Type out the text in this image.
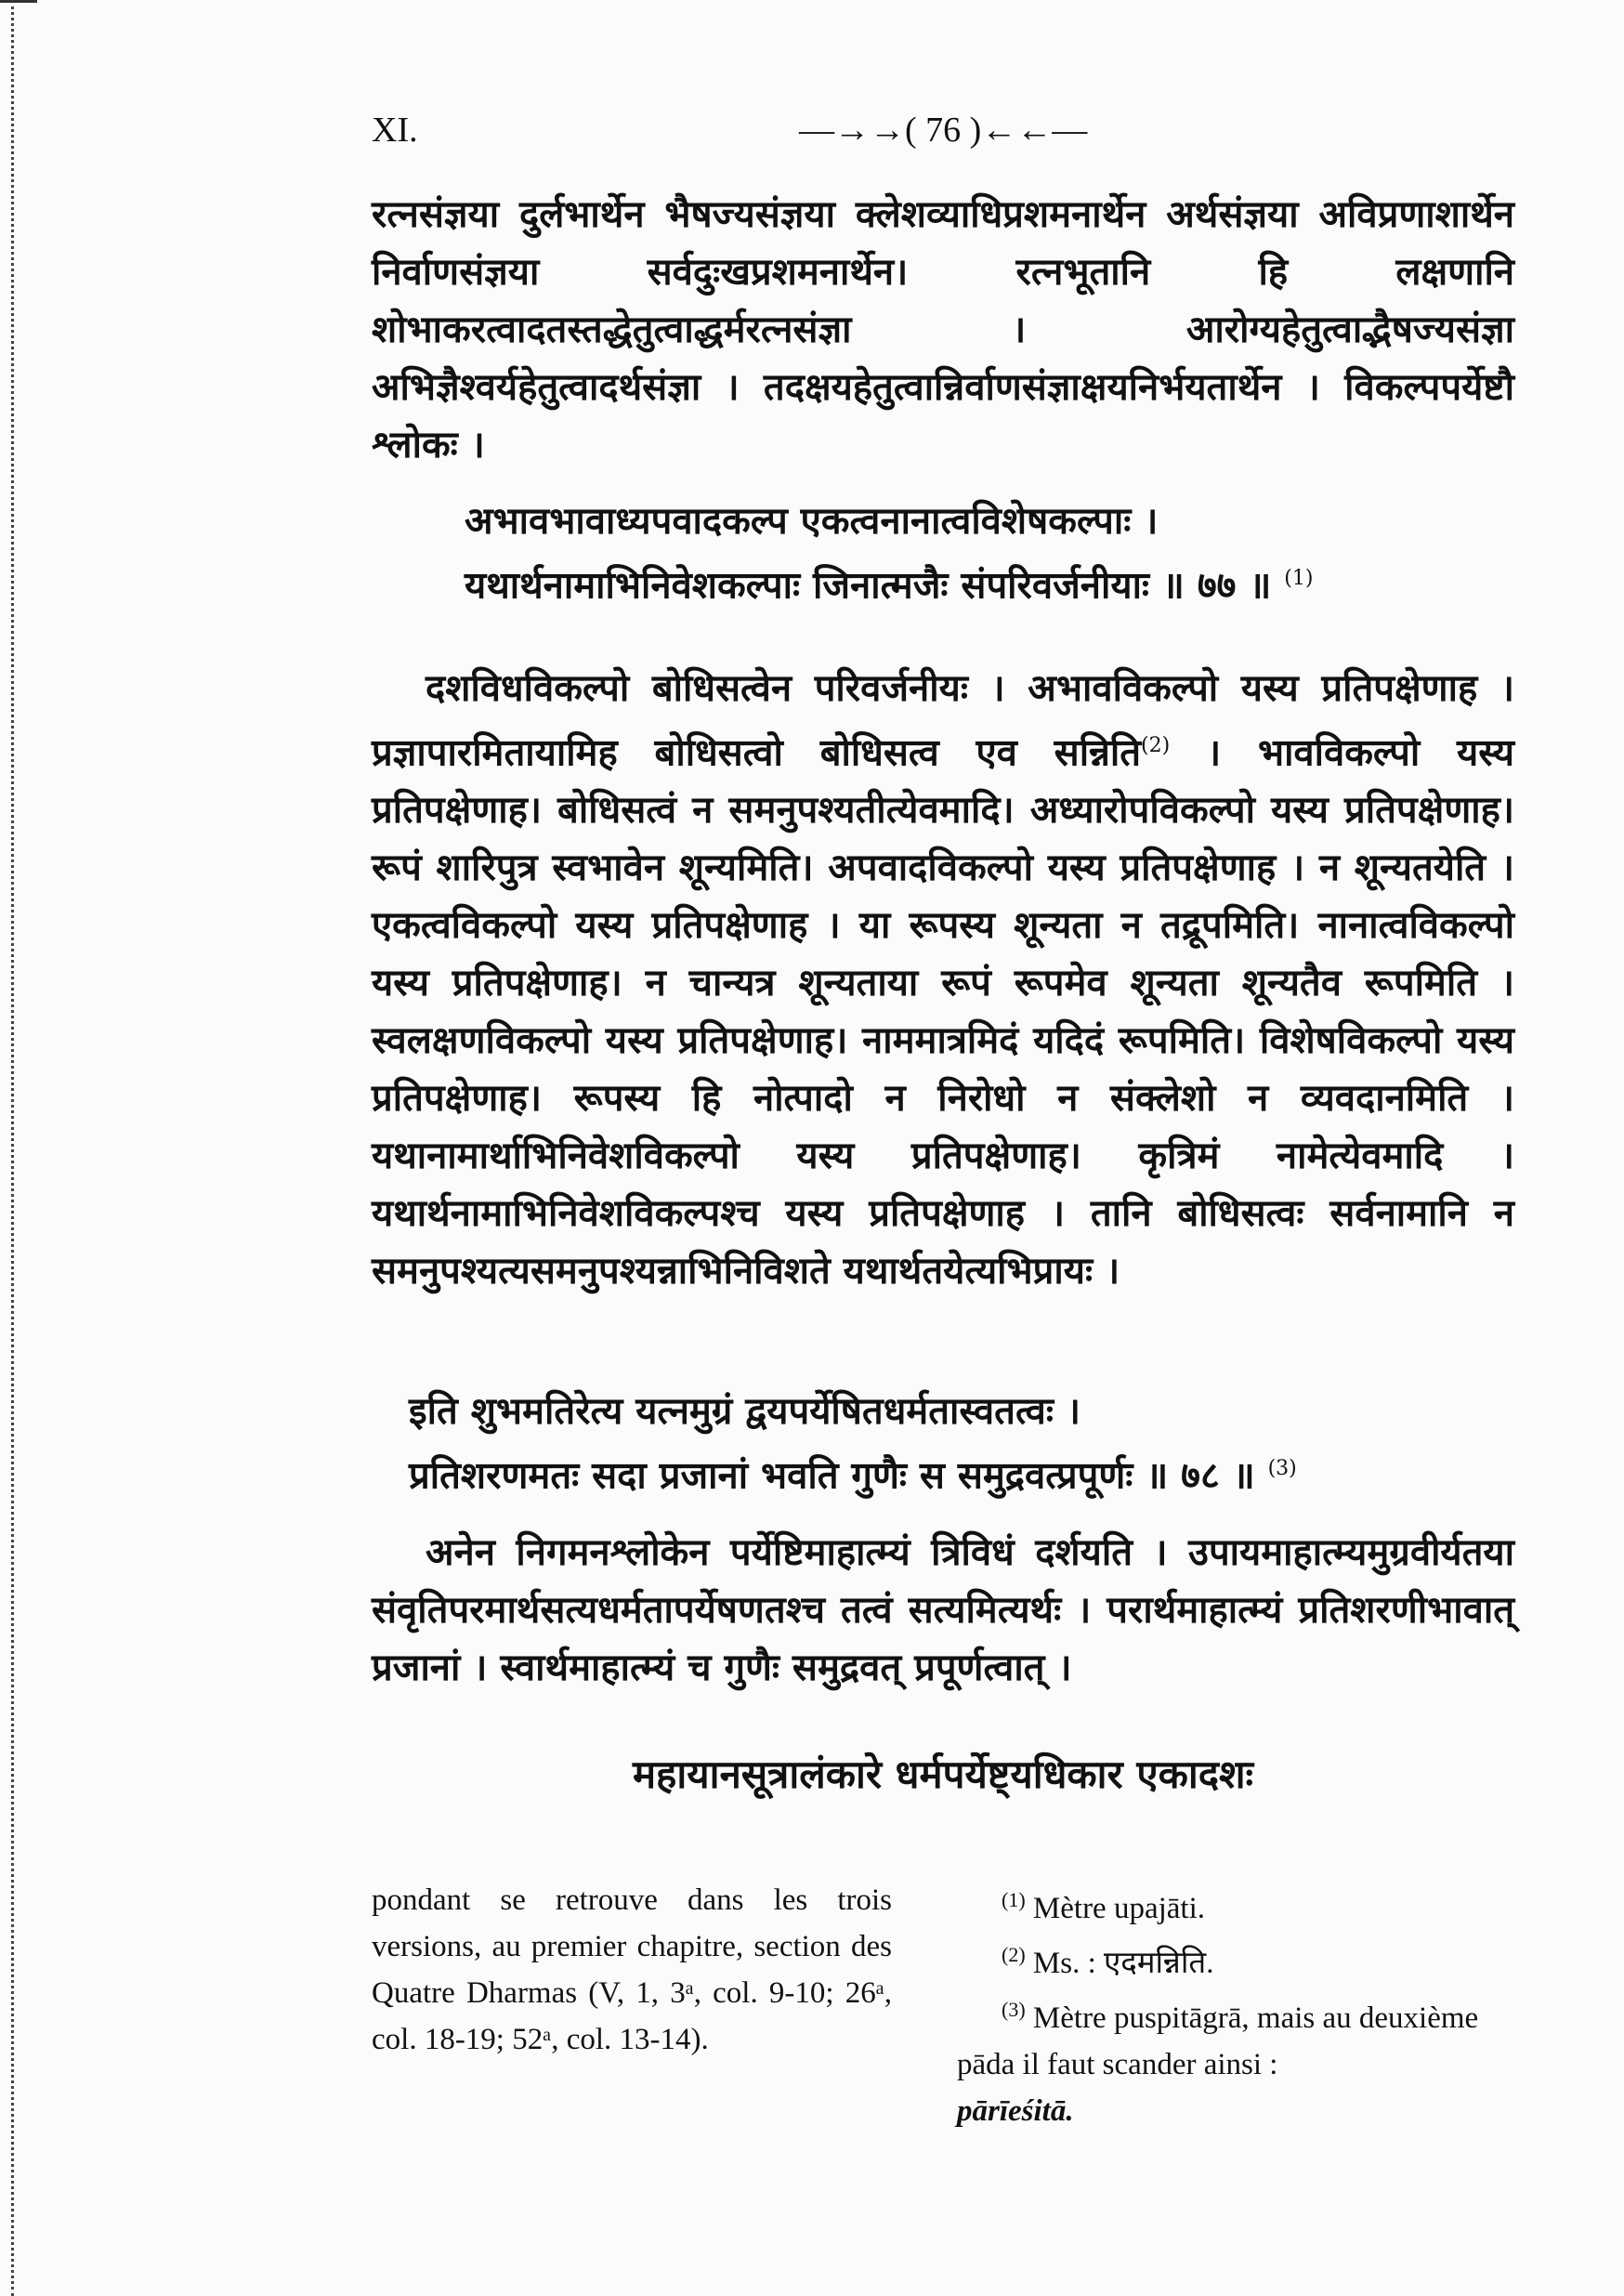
XI.	—→→( 76 )←←—

रत्नसंज्ञया दुर्लभार्थेन भैषज्यसंज्ञया क्लेशव्याधिप्रशमनार्थेन अर्थसंज्ञया अविप्रणाशार्थेन निर्वाणसंज्ञया सर्वदुःखप्रशमनार्थेन। रत्नभूतानि हि लक्षणानि शोभाकरत्वादतस्तद्धेतुत्वाद्धर्मरत्नसंज्ञा । आरोग्यहेतुत्वाद्भैषज्यसंज्ञा अभिज्ञैश्वर्यहेतुत्वादर्थसंज्ञा । तदक्षयहेतुत्वान्निर्वाणसंज्ञाक्षयनिर्भयतार्थेन । विकल्पपर्येष्टौ श्लोकः ।

अभावभावाध्यपवादकल्प एकत्वनानात्वविशेषकल्पाः ।
यथार्थनामाभिनिवेशकल्पाः जिनात्मजैः संपरिवर्जनीयाः ॥ ७७ ॥ $^{(1)}$

दशविधविकल्पो बोधिसत्वेन परिवर्जनीयः । अभावविकल्पो यस्य प्रतिपक्षेणाह । प्रज्ञापारमितायामिह बोधिसत्वो बोधिसत्व एव सन्निति$^{(2)}$ । भावविकल्पो यस्य प्रतिपक्षेणाह। बोधिसत्वं न समनुपश्यतीत्येवमादि। अध्यारोपविकल्पो यस्य प्रतिपक्षेणाह। रूपं शारिपुत्र स्वभावेन शून्यमिति। अपवादविकल्पो यस्य प्रतिपक्षेणाह । न शून्यतयेति । एकत्वविकल्पो यस्य प्रतिपक्षेणाह । या रूपस्य शून्यता न तद्रूपमिति। नानात्वविकल्पो यस्य प्रतिपक्षेणाह। न चान्यत्र शून्यताया रूपं रूपमेव शून्यता शून्यतैव रूपमिति । स्वलक्षणविकल्पो यस्य प्रतिपक्षेणाह। नाममात्रमिदं यदिदं रूपमिति। विशेषविकल्पो यस्य प्रतिपक्षेणाह। रूपस्य हि नोत्पादो न निरोधो न संक्लेशो न व्यवदानमिति । यथानामार्थाभिनिवेशविकल्पो यस्य प्रतिपक्षेणाह। कृत्रिमं नामेत्येवमादि । यथार्थनामाभिनिवेशविकल्पश्च यस्य प्रतिपक्षेणाह । तानि बोधिसत्वः सर्वनामानि न समनुपश्यत्यसमनुपश्यन्नाभिनिविशते यथार्थतयेत्यभिप्रायः ।

इति शुभमतिरेत्य यत्नमुग्रं द्वयपर्येषितधर्मतास्वतत्वः ।
प्रतिशरणमतः सदा प्रजानां भवति गुणैः स समुद्रवत्प्रपूर्णः ॥ ७८ ॥ $^{(3)}$

अनेन निगमनश्लोकेन पर्येष्टिमाहात्म्यं त्रिविधं दर्शयति । उपायमाहात्म्यमुग्रवीर्यतया संवृतिपरमार्थसत्यधर्मतापर्येषणतश्च तत्वं सत्यमित्यर्थः । परार्थमाहात्म्यं प्रतिशरणीभावात् प्रजानां । स्वार्थमाहात्म्यं च गुणैः समुद्रवत् प्रपूर्णत्वात् ।

महायानसूत्रालंकारे धर्मपर्येष्ट्यधिकार एकादशः

pondant se retrouve dans les trois versions, au premier chapitre, section des Quatre Dharmas (V, 1, 3ᵃ, col. 9-10; 26ᵃ, col. 18-19; 52ᵃ, col. 13-14).

$^{(1)}$ Mètre upajāti.

$^{(2)}$ Ms. : एदमन्निति.

$^{(3)}$ Mètre puspitāgrā, mais au deuxième pāda il faut scander ainsi :
pārīeśitā.
